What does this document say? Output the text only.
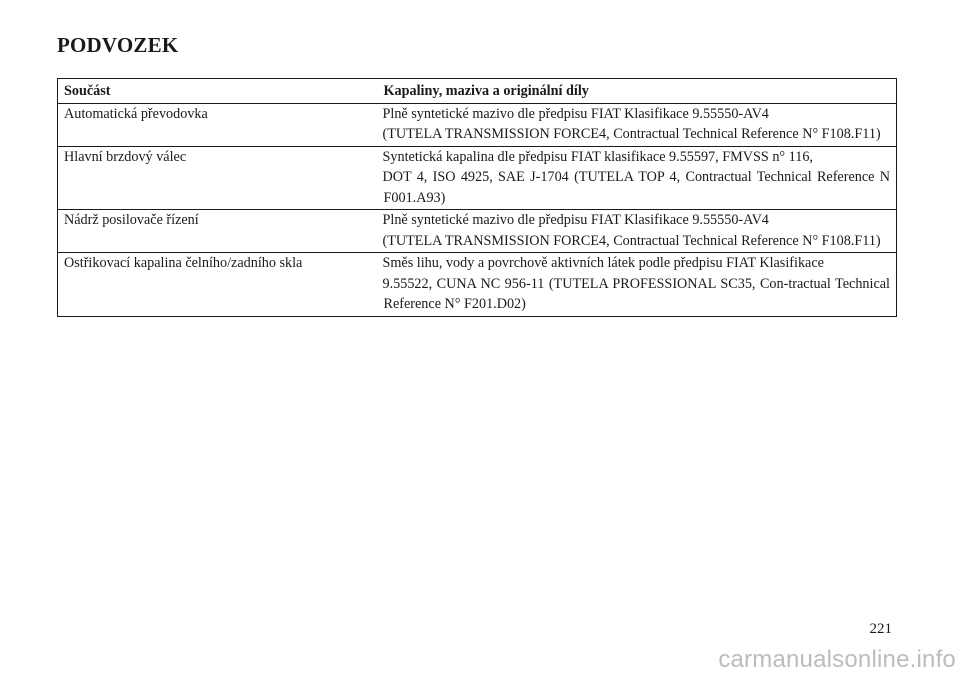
PODVOZEK
Součást	Kapaliny, maziva a originální díly
Automatická převodovka	Plně syntetické mazivo dle předpisu FIAT Klasifikace 9.55550-AV4
(TUTELA TRANSMISSION FORCE4, Contractual Technical Reference N° F108.F11)

Hlavní brzdový válec	Syntetická kapalina dle předpisu FIAT klasifikace 9.55597, FMVSS n° 116,
DOT 4, ISO 4925, SAE J-1704 (TUTELA TOP 4, Contractual Technical Reference N F001.A93)

Nádrž posilovače řízení	Plně syntetické mazivo dle předpisu FIAT Klasifikace 9.55550-AV4
(TUTELA TRANSMISSION FORCE4, Contractual Technical Reference N° F108.F11)

Ostřikovací kapalina čelního/zadního skla	Směs lihu, vody a povrchově aktivních látek podle předpisu FIAT Klasifikace
9.55522, CUNA NC 956-11 (TUTELA PROFESSIONAL SC35, Con-tractual Technical Reference N° F201.D02)
221
carmanualsonline.info
